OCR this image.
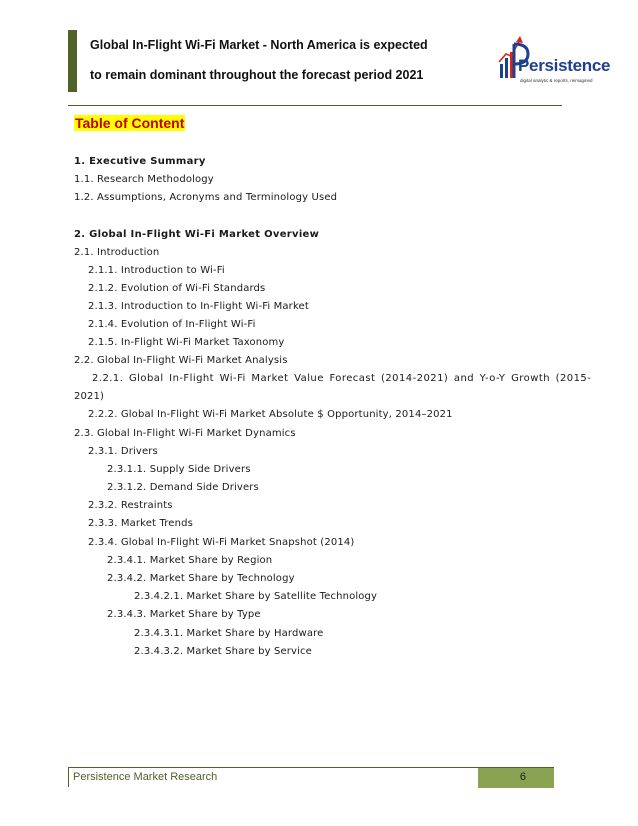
Global In-Flight Wi-Fi Market - North America is expected
to remain dominant throughout the forecast period 2021	Persistence
digital analytic & reports, reimagined
Table of Content
1. Executive Summary
1.1. Research Methodology
1.2. Assumptions, Acronyms and Terminology Used
2. Global In-Flight Wi-Fi Market Overview
2.1. Introduction
2.1.1. Introduction to Wi-Fi
2.1.2. Evolution of Wi-Fi Standards
2.1.3. Introduction to In-Flight Wi-Fi Market
2.1.4. Evolution of In-Flight Wi-Fi
2.1.5. In-Flight Wi-Fi Market Taxonomy
2.2. Global In-Flight Wi-Fi Market Analysis
2.2.1. Global In-Flight Wi-Fi Market Value Forecast (2014-2021) and Y-o-Y Growth (2015-
2021)
2.2.2. Global In-Flight Wi-Fi Market Absolute $ Opportunity, 2014–2021
2.3. Global In-Flight Wi-Fi Market Dynamics
2.3.1. Drivers
2.3.1.1. Supply Side Drivers
2.3.1.2. Demand Side Drivers
2.3.2. Restraints
2.3.3. Market Trends
2.3.4. Global In-Flight Wi-Fi Market Snapshot (2014)
2.3.4.1. Market Share by Region
2.3.4.2. Market Share by Technology
2.3.4.2.1. Market Share by Satellite Technology
2.3.4.3. Market Share by Type
2.3.4.3.1. Market Share by Hardware
2.3.4.3.2. Market Share by Service
Persistence Market Research	6
